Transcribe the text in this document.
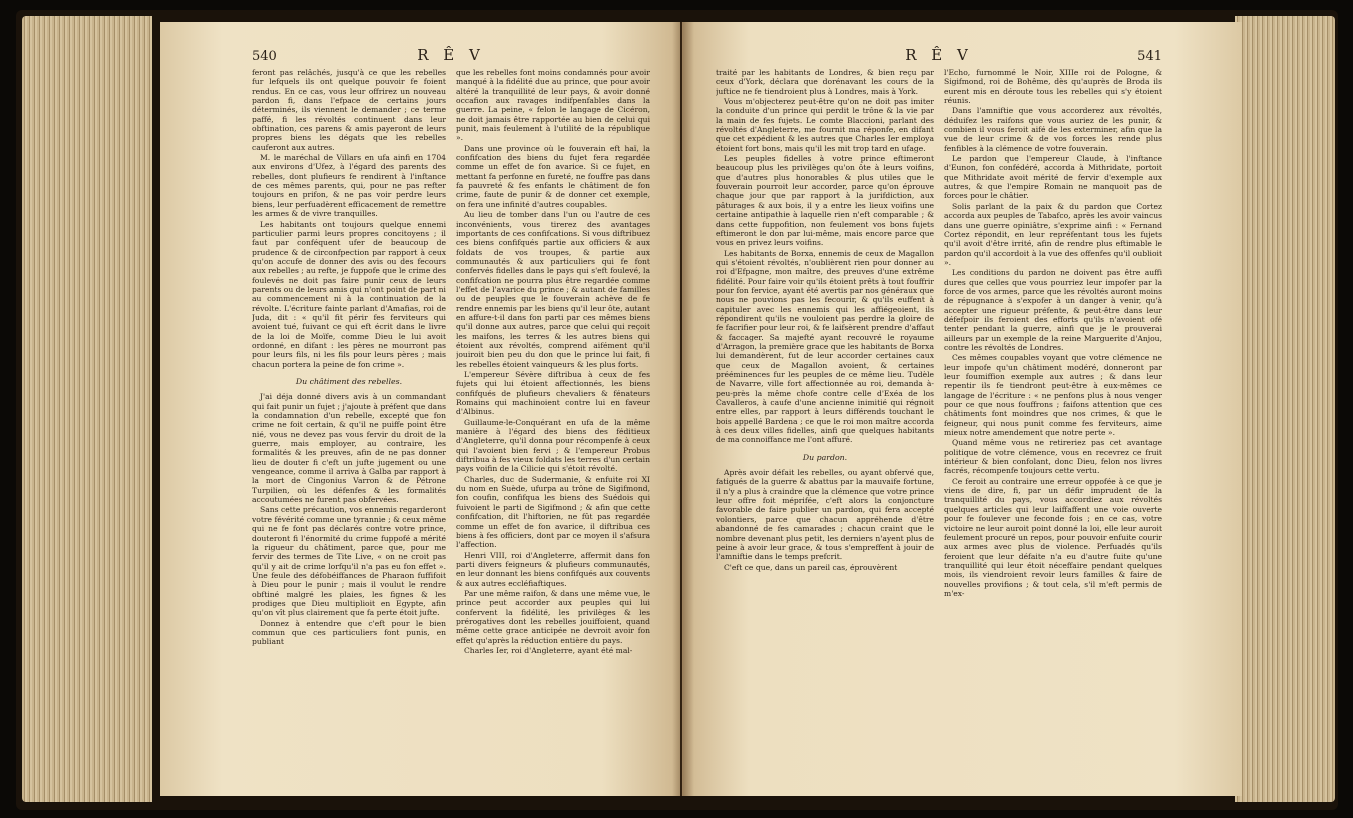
540	R Ê V

feront pas relâchés, jusqu'à ce que les rebelles fur lefquels ils ont quelque pouvoir fe foient rendus. En ce cas, vous leur offrirez un nouveau pardon fi, dans l'efpace de certains jours déterminés, ils viennent le demander ; ce terme paffé, fi les révoltés continuent dans leur obftination, ces parens & amis payeront de leurs propres biens les dégats que les rebelles cauferont aux autres.

M. le maréchal de Villars en ufa ainfi en 1704 aux environs d'Ufez, à l'égard des parents des rebelles, dont plufieurs fe rendirent à l'inftance de ces mêmes parents, qui, pour ne pas refter toujours en prifon, & ne pas voir perdre leurs biens, leur perfuadèrent efficacement de remettre les armes & de vivre tranquilles.

Les habitants ont toujours quelque ennemi particulier parmi leurs propres concitoyens ; il faut par conféquent ufer de beaucoup de prudence & de circonfpection par rapport à ceux qu'on accufe de donner des avis ou des fecours aux rebelles ; au refte, je fuppofe que le crime des foulevés ne doit pas faire punir ceux de leurs parents ou de leurs amis qui n'ont point de part ni au commencement ni à la continuation de la révolte. L'écriture fainte parlant d'Amafias, roi de Juda, dit : « qu'il fit périr fes ferviteurs qui avoient tué, fuivant ce qui eft écrit dans le livre de la loi de Moïfe, comme Dieu le lui avoit ordonné, en difant : les pères ne mourront pas pour leurs fils, ni les fils pour leurs pères ; mais chacun portera la peine de fon crime ».

Du châtiment des rebelles.

J'ai déja donné divers avis à un commandant qui fait punir un fujet ; j'ajoute à préfent que dans la condamnation d'un rebelle, excepté que fon crime ne foit certain, & qu'il ne puiffe point être nié, vous ne devez pas vous fervir du droit de la guerre, mais employer, au contraire, les formalités & les preuves, afin de ne pas donner lieu de douter fi c'eft un jufte jugement ou une vengeance, comme il arriva à Galba par rapport à la mort de Cingonius Varron & de Pétrone Turpilien, où les défenfes & les formalités accoutumées ne furent pas obfervées.

Sans cette précaution, vos ennemis regarderont votre févérité comme une tyrannie ; & ceux même qui ne fe font pas déclarés contre votre prince, douteront fi l'énormité du crime fuppofé a mérité la rigueur du châtiment, parce que, pour me fervir des termes de Tite Live, « on ne croit pas qu'il y ait de crime lorfqu'il n'a pas eu fon effet ». Une feule des défobéiffances de Pharaon fuffifoit à Dieu pour le punir ; mais il voulut le rendre obftiné malgré les plaies, les fignes & les prodiges que Dieu multiplioit en Egypte, afin qu'on vît plus clairement que fa perte étoit jufte.

Donnez à entendre que c'eft pour le bien commun que ces particuliers font punis, en publiant

que les rebelles font moins condamnés pour avoir manqué à la fidélité due au prince, que pour avoir altéré la tranquillité de leur pays, & avoir donné occafion aux ravages indifpenfables dans la guerre. La peine, « felon le langage de Cicéron, ne doit jamais être rapportée au bien de celui qui punit, mais feulement à l'utilité de la république ».

Dans une province où le fouverain eft haï, la confifcation des biens du fujet fera regardée comme un effet de fon avarice. Si ce fujet, en mettant fa perfonne en fureté, ne fouffre pas dans fa pauvreté & fes enfants le châtiment de fon crime, faute de punir & de donner cet exemple, on fera une infinité d'autres coupables.

Au lieu de tomber dans l'un ou l'autre de ces inconvénients, vous tirerez des avantages importants de ces confifcations. Si vous diftribuez ces biens confifqués partie aux officiers & aux foldats de vos troupes, & partie aux communautés & aux particuliers qui fe font confervés fidelles dans le pays qui s'eft foulevé, la confifcation ne pourra plus être regardée comme l'effet de l'avarice du prince ; & autant de familles ou de peuples que le fouverain achève de fe rendre ennemis par les biens qu'il leur ôte, autant en affure-t-il dans fon parti par ces mêmes biens qu'il donne aux autres, parce que celui qui reçoit les maifons, les terres & les autres biens qui étoient aux révoltés, comprend aifément qu'il jouiroit bien peu du don que le prince lui fait, fi les rebelles étoient vainqueurs & les plus forts.

L'empereur Sévère diftribua à ceux de fes fujets qui lui étoient affectionnés, les biens confifqués de plufieurs chevaliers & fénateurs Romains qui machinoient contre lui en faveur d'Albinus.

Guillaume-le-Conquérant en ufa de la même manière à l'égard des biens des féditieux d'Angleterre, qu'il donna pour récompenfe à ceux qui l'avoient bien fervi ; & l'empereur Probus diftribua à fes vieux foldats les terres d'un certain pays voifin de la Cilicie qui s'étoit révolté.

Charles, duc de Sudermanie, & enfuite roi XI du nom en Suède, ufurpa au trône de Sigifmond, fon coufin, confifqua les biens des Suédois qui fuivoient le parti de Sigifmond ; & afin que cette confifcation, dit l'hiftorien, ne fût pas regardée comme un effet de fon avarice, il diftribua ces biens à fes officiers, dont par ce moyen il s'afsura l'affection.

Henri VIII, roi d'Angleterre, affermit dans fon parti divers feigneurs & plufieurs communautés, en leur donnant les biens confifqués aux couvents & aux autres eccléfiaftiques.

Par une même raifon, & dans une même vue, le prince peut accorder aux peuples qui lui confervent la fidélité, les privilèges & les prérogatives dont les rebelles jouiffoient, quand même cette grace anticipée ne devroit avoir fon effet qu'après la réduction entière du pays.

Charles Ier, roi d'Angleterre, ayant été mal-

R Ê V	541

traité par les habitants de Londres, & bien reçu par ceux d'York, déclara que dorénavant les cours de la juftice ne fe tiendroient plus à Londres, mais à York.

Vous m'objecterez peut-être qu'on ne doit pas imiter la conduite d'un prince qui perdit le trône & la vie par la main de fes fujets. Le comte Blaccioni, parlant des révoltés d'Angleterre, me fournit ma réponfe, en difant que cet expédient & les autres que Charles Ier employa étoient fort bons, mais qu'il les mit trop tard en ufage.

Les peuples fidelles à votre prince eftimeront beaucoup plus les privilèges qu'on ôte à leurs voifins, que d'autres plus honorables & plus utiles que le fouverain pourroit leur accorder, parce qu'on éprouve chaque jour que par rapport à la jurifdiction, aux pâturages & aux bois, il y a entre les lieux voifins une certaine antipathie à laquelle rien n'eft comparable ; & dans cette fuppofition, non feulement vos bons fujets eftimeront le don par lui-même, mais encore parce que vous en privez leurs voifins.

Les habitants de Borxa, ennemis de ceux de Magallon qui s'étoient révoltés, n'oublièrent rien pour donner au roi d'Efpagne, mon maître, des preuves d'une extrême fidélité. Pour faire voir qu'ils étoient prêts à tout fouffrir pour fon fervice, ayant été avertis par nos généraux que nous ne pouvions pas les fecourir, & qu'ils euffent à capituler avec les ennemis qui les affiégeoient, ils répondirent qu'ils ne vouloient pas perdre la gloire de fe facrifier pour leur roi, & fe laifsèrent prendre d'affaut & faccager. Sa majefté ayant recouvré le royaume d'Arragon, la première grace que les habitants de Borxa lui demandèrent, fut de leur accorder certaines caux que ceux de Magallon avoient, & certaines prééminences fur les peuples de ce même lieu. Tudèle de Navarre, ville fort affectionnée au roi, demanda à-peu-près la même chofe contre celle d'Exéa de los Cavalleros, à caufe d'une ancienne inimitié qui régnoit entre elles, par rapport à leurs différends touchant le bois appellé Bardena ; ce que le roi mon maître accorda à ces deux villes fidelles, ainfi que quelques habitants de ma connoiffance me l'ont affuré.

Du pardon.

Après avoir défait les rebelles, ou ayant obfervé que, fatigués de la guerre & abattus par la mauvaife fortune, il n'y a plus à craindre que la clémence que votre prince leur offre foit méprifée, c'eft alors la conjoncture favorable de faire publier un pardon, qui fera accepté volontiers, parce que chacun appréhende d'être abandonné de fes camarades ; chacun craint que le nombre devenant plus petit, les derniers n'ayent plus de peine à avoir leur grace, & tous s'empreffent à jouir de l'amniftie dans le temps prefcrit.

C'eft ce que, dans un pareil cas, éprouvèrent

l'Echo, furnommé le Noir, XIIIe roi de Pologne, & Sigifmond, roi de Bohême, dès qu'auprès de Broda ils eurent mis en déroute tous les rebelles qui s'y étoient réunis.

Dans l'amniftie que vous accorderez aux révoltés, déduifez les raifons que vous auriez de les punir, & combien il vous feroit aifé de les exterminer, afin que la vue de leur crime & de vos forces les rende plus fenfibles à la clémence de votre fouverain.

Le pardon que l'empereur Claude, à l'inftance d'Eunon, fon confédéré, accorda à Mithridate, portoit que Mithridate avoit mérité de fervir d'exemple aux autres, & que l'empire Romain ne manquoit pas de forces pour le châtier.

Solis parlant de la paix & du pardon que Cortez accorda aux peuples de Tabafco, après les avoir vaincus dans une guerre opiniâtre, s'exprime ainfi : « Fernand Cortez répondit, en leur repréfentant tous les fujets qu'il avoit d'être irrité, afin de rendre plus eftimable le pardon qu'il accordoit à la vue des offenfes qu'il oublioit ».

Les conditions du pardon ne doivent pas être auffi dures que celles que vous pourriez leur impofer par la force de vos armes, parce que les révoltés auront moins de répugnance à s'expofer à un danger à venir, qu'à accepter une rigueur préfente, & peut-être dans leur défefpoir ils feroient des efforts qu'ils n'avoient ofé tenter pendant la guerre, ainfi que je le prouverai ailleurs par un exemple de la reine Marguerite d'Anjou, contre les révoltés de Londres.

Ces mêmes coupables voyant que votre clémence ne leur impofe qu'un châtiment modéré, donneront par leur foumiffion exemple aux autres ; & dans leur repentir ils fe tiendront peut-être à eux-mêmes ce langage de l'écriture : « ne penfons plus à nous venger pour ce que nous fouffrons ; faifons attention que ces châtiments font moindres que nos crimes, & que le feigneur, qui nous punit comme fes ferviteurs, aime mieux notre amendement que notre perte ».

Quand même vous ne retireriez pas cet avantage politique de votre clémence, vous en recevrez ce fruit intérieur & bien confolant, donc Dieu, felon nos livres facrés, récompenfe toujours cette vertu.

Ce feroit au contraire une erreur oppofée à ce que je viens de dire, fi, par un défir imprudent de la tranquillité du pays, vous accordiez aux révoltés quelques articles qui leur laiffaffent une voie ouverte pour fe foulever une feconde fois ; en ce cas, votre victoire ne leur auroit point donné la loi, elle leur auroit feulement procuré un repos, pour pouvoir enfuite courir aux armes avec plus de violence. Perfuadés qu'ils feroient que leur défaite n'a eu d'autre fuite qu'une tranquillité qui leur étoit néceffaire pendant quelques mois, ils viendroient revoir leurs familles & faire de nouvelles provifions ; & tout cela, s'il m'eft permis de m'ex-
